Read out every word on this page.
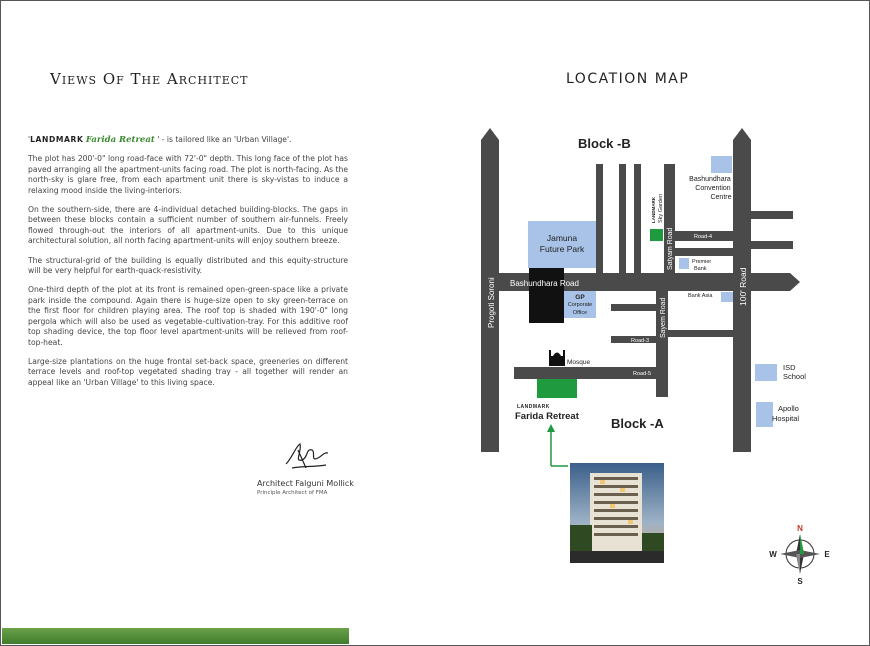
Views Of The Architect

'LANDMARK Farida Retreat ' - is tailored like an 'Urban Village'.

The plot has 200'-0" long road-face with 72'-0" depth. This long face of the plot has paved arranging all the apartment-units facing road. The plot is north-facing. As the north-sky is glare free, from each apartment unit there is sky-vistas to induce a relaxing mood inside the living-interiors.

On the southern-side, there are 4-individual detached building-blocks. The gaps in between these blocks contain a sufficient number of southern air-funnels. Freely flowed through-out the interiors of all apartment-units. Due to this unique architectural solution, all north facing apartment-units will enjoy southern breeze.

The structural-grid of the building is equally distributed and this equity-structure will be very helpful for earth-quack-resistivity.

One-third depth of the plot at its front is remained open-green-space like a private park inside the compound. Again there is huge-size open to sky green-terrace on the first floor for children playing area. The roof top is shaded with 190'-0" long pergola which will also be used as vegetable-cultivation-tray. For this additive roof top shading device, the top floor level apartment-units will be relieved from roof-top-heat.

Large-size plantations on the huge frontal set-back space, greeneries on different terrace levels and roof-top vegetated shading tray - all together will render an appeal like an 'Urban Village' to this living space.

Architect Falguni Mollick
Principle Architect of FMA
LOCATION MAP
Block -B
Block -A
Progoti Soroni Bashundhara Road
Satyam Road
Sayem Road
100' Road
Road-3
Road-4
Road-5
Jamuna
Future Park
GP
Corporate
Office
Bashundhara
Convention
Centre
Premier
Bank
Bank Asia
ISD
School
Apollo
Hospital
Mosque
LANDMARK Sky Garden
LANDMARK
Farida Retreat
N
S
E
W
